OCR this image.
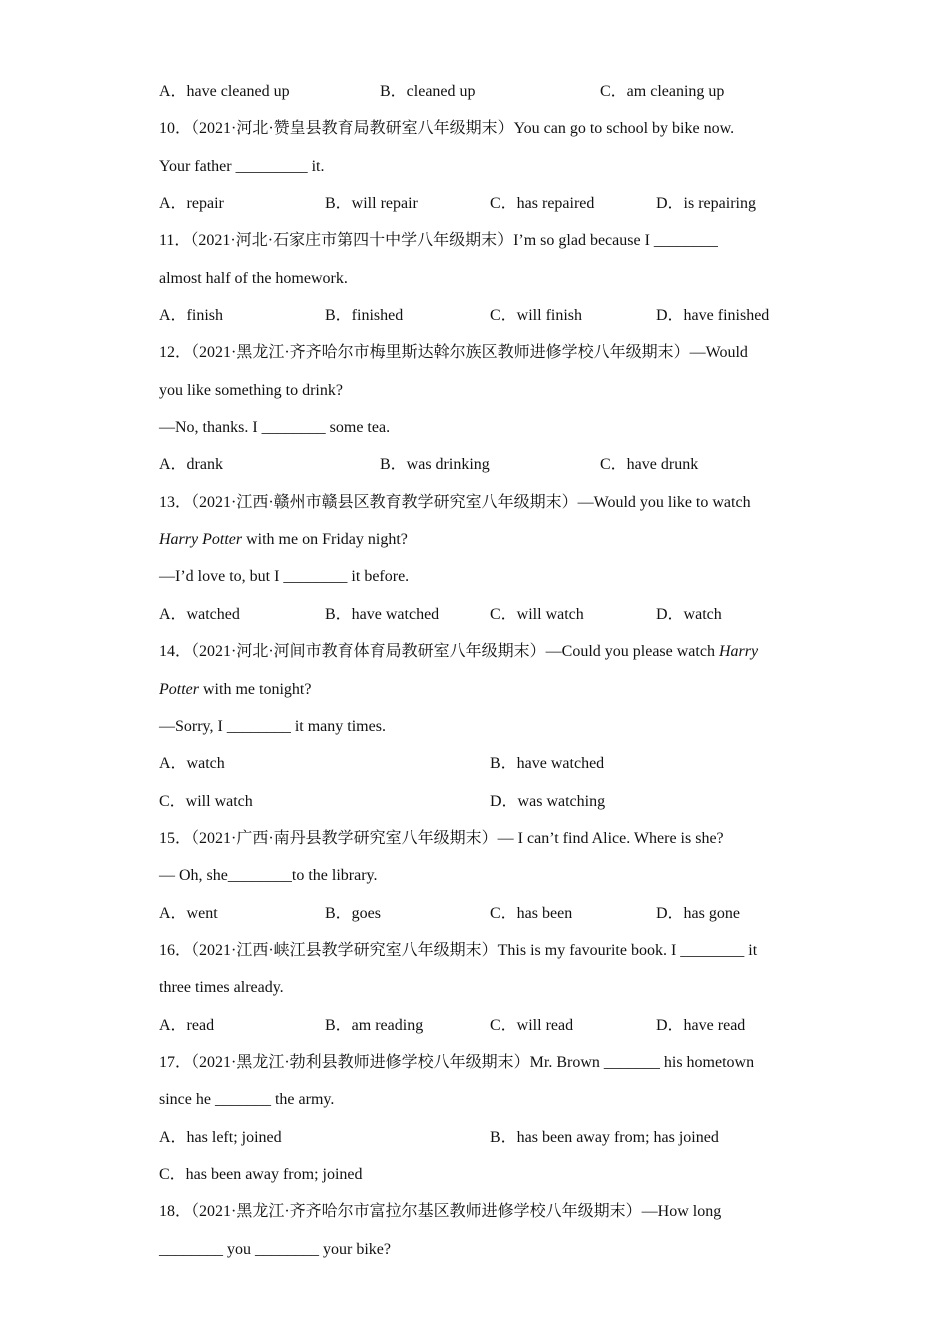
A．have cleaned up	B．cleaned up	C．am cleaning up
10．（2021·河北·赞皇县教育局教研室八年级期末）You can go to school by bike now.
Your father _________ it.
A．repair	B．will repair	C．has repaired	D．is repairing
11．（2021·河北·石家庄市第四十中学八年级期末）I’m so glad because I ________
almost half of the homework.
A．finish	B．finished	C．will finish	D．have finished
12．（2021·黑龙江·齐齐哈尔市梅里斯达斡尔族区教师进修学校八年级期末）—Would
you like something to drink?
—No, thanks. I ________ some tea.
A．drank	B．was drinking	C．have drunk
13．（2021·江西·赣州市赣县区教育教学研究室八年级期末）—Would you like to watch
Harry Potter with me on Friday night?
—I’d love to, but I ________ it before.
A．watched	B．have watched	C．will watch	D．watch
14．（2021·河北·河间市教育体育局教研室八年级期末）—Could you please watch Harry
Potter with me tonight?
—Sorry, I ________ it many times.
A．watch	B．have watched
C．will watch	D．was watching
15．（2021·广西·南丹县教学研究室八年级期末）— I can’t find Alice. Where is she?
— Oh, she________to the library.
A．went	B．goes	C．has been	D．has gone
16．（2021·江西·峡江县教学研究室八年级期末）This is my favourite book. I ________ it
three times already.
A．read	B．am reading	C．will read	D．have read
17．（2021·黑龙江·勃利县教师进修学校八年级期末）Mr. Brown _______ his hometown
since he _______ the army.
A．has left; joined	B．has been away from; has joined
C．has been away from; joined
18．（2021·黑龙江·齐齐哈尔市富拉尔基区教师进修学校八年级期末）—How long
________ you ________ your bike?
